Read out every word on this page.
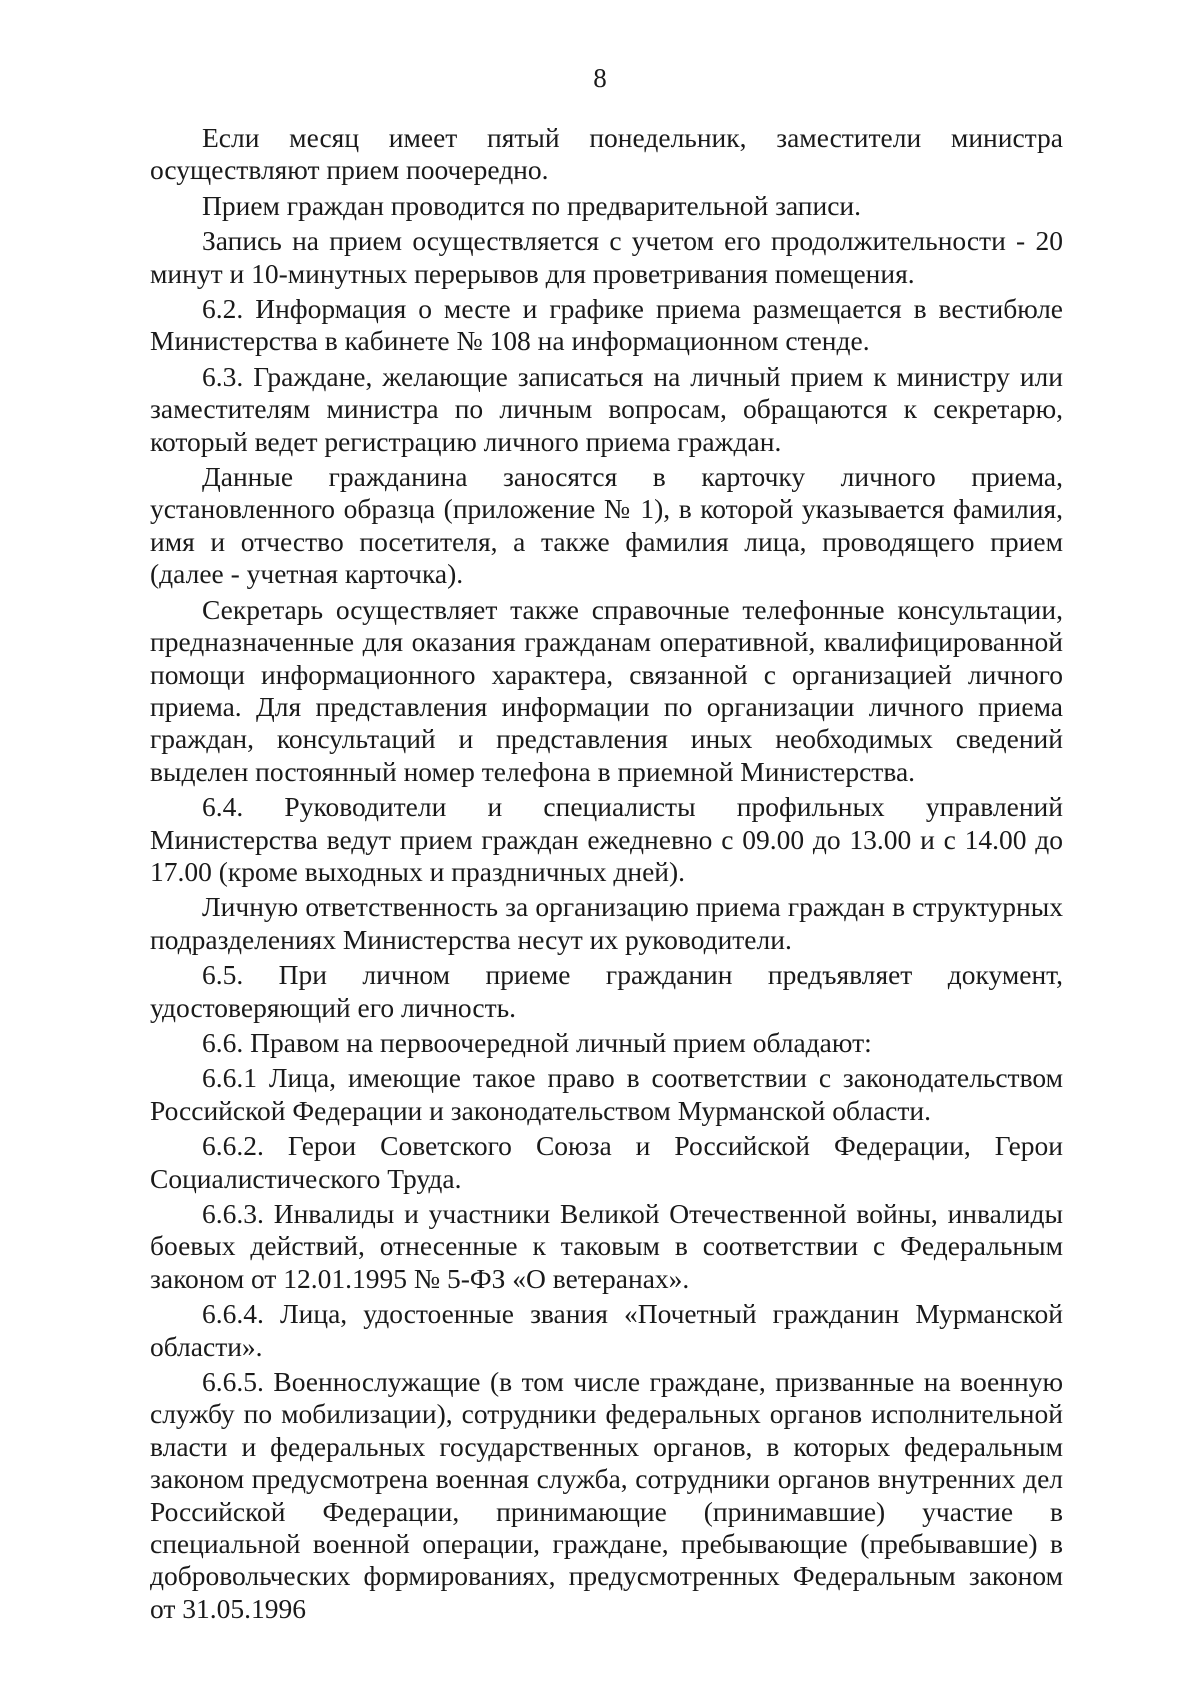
8

Если месяц имеет пятый понедельник, заместители министра осуществляют прием поочередно.

Прием граждан проводится по предварительной записи.

Запись на прием осуществляется с учетом его продолжительности - 20 минут и 10-минутных перерывов для проветривания помещения.

6.2. Информация о месте и графике приема размещается в вестибюле Министерства в кабинете № 108 на информационном стенде.

6.3. Граждане, желающие записаться на личный прием к министру или заместителям министра по личным вопросам, обращаются к секретарю, который ведет регистрацию личного приема граждан.

Данные гражданина заносятся в карточку личного приема, установленного образца (приложение № 1), в которой указывается фамилия, имя и отчество посетителя, а также фамилия лица, проводящего прием (далее - учетная карточка).

Секретарь осуществляет также справочные телефонные консультации, предназначенные для оказания гражданам оперативной, квалифицированной помощи информационного характера, связанной с организацией личного приема. Для представления информации по организации личного приема граждан, консультаций и представления иных необходимых сведений выделен постоянный номер телефона в приемной Министерства.

6.4. Руководители и специалисты профильных управлений Министерства ведут прием граждан ежедневно с 09.00 до 13.00 и с 14.00 до 17.00 (кроме выходных и праздничных дней).

Личную ответственность за организацию приема граждан в структурных подразделениях Министерства несут их руководители.

6.5. При личном приеме гражданин предъявляет документ, удостоверяющий его личность.

6.6. Правом на первоочередной личный прием обладают:

6.6.1 Лица, имеющие такое право в соответствии с законодательством Российской Федерации и законодательством Мурманской области.

6.6.2. Герои Советского Союза и Российской Федерации, Герои Социалистического Труда.

6.6.3. Инвалиды и участники Великой Отечественной войны, инвалиды боевых действий, отнесенные к таковым в соответствии с Федеральным законом от 12.01.1995 № 5-ФЗ «О ветеранах».

6.6.4. Лица, удостоенные звания «Почетный гражданин Мурманской области».

6.6.5. Военнослужащие (в том числе граждане, призванные на военную службу по мобилизации), сотрудники федеральных органов исполнительной власти и федеральных государственных органов, в которых федеральным законом предусмотрена военная служба, сотрудники органов внутренних дел Российской Федерации, принимающие (принимавшие) участие в специальной военной операции, граждане, пребывающие (пребывавшие) в добровольческих формированиях, предусмотренных Федеральным законом от 31.05.1996
